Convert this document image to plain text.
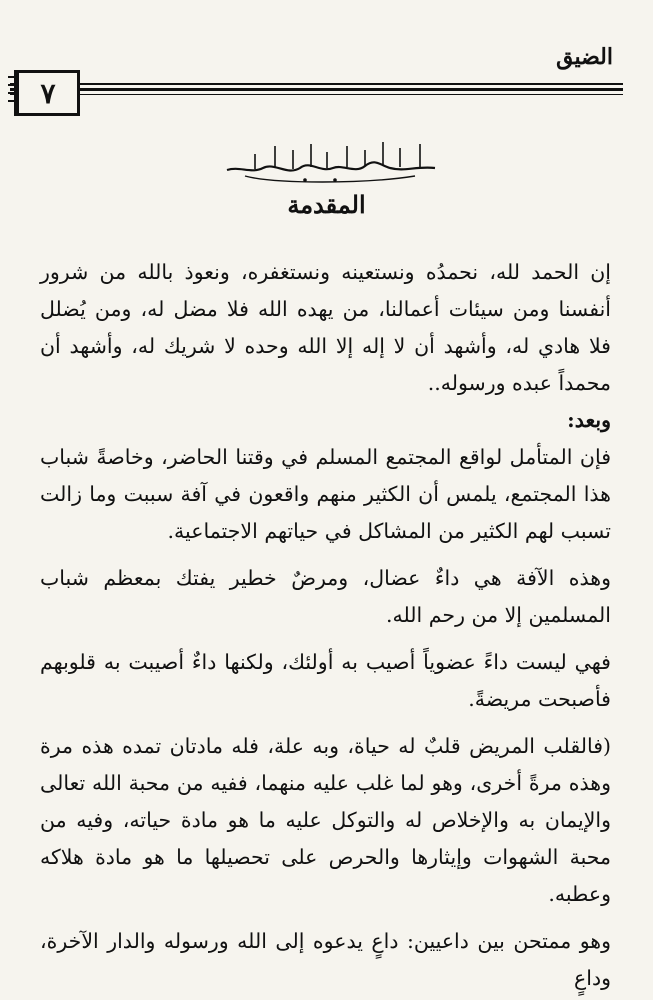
الضيق
٧

المقدمة

إن الحمد لله، نحمدُه ونستعينه ونستغفره، ونعوذ بالله من شرور أنفسنا ومن سيئات أعمالنا، من يهده الله فلا مضل له، ومن يُضلل فلا هادي له، وأشهد أن لا إله إلا الله وحده لا شريك له، وأشهد أن محمداً عبده ورسوله..

وبعد:

فإن المتأمل لواقع المجتمع المسلم في وقتنا الحاضر، وخاصةً شباب هذا المجتمع، يلمس أن الكثير منهم واقعون في آفة سببت وما زالت تسبب لهم الكثير من المشاكل في حياتهم الاجتماعية.

وهذه الآفة هي داءٌ عضال، ومرضٌ خطير يفتك بمعظم شباب المسلمين إلا من رحم الله.

فهي ليست داءً عضوياً أصيب به أولئك، ولكنها داءٌ أصيبت به قلوبهم فأصبحت مريضةً.

(فالقلب المريض قلبٌ له حياة، وبه علة، فله مادتان تمده هذه مرة وهذه مرةً أخرى، وهو لما غلب عليه منهما، ففيه من محبة الله تعالى والإيمان به والإخلاص له والتوكل عليه ما هو مادة حياته، وفيه من محبة الشهوات وإيثارها والحرص على تحصيلها ما هو مادة هلاكه وعطبه.

وهو ممتحن بين داعيين: داعٍ يدعوه إلى الله ورسوله والدار الآخرة، وداعٍ
